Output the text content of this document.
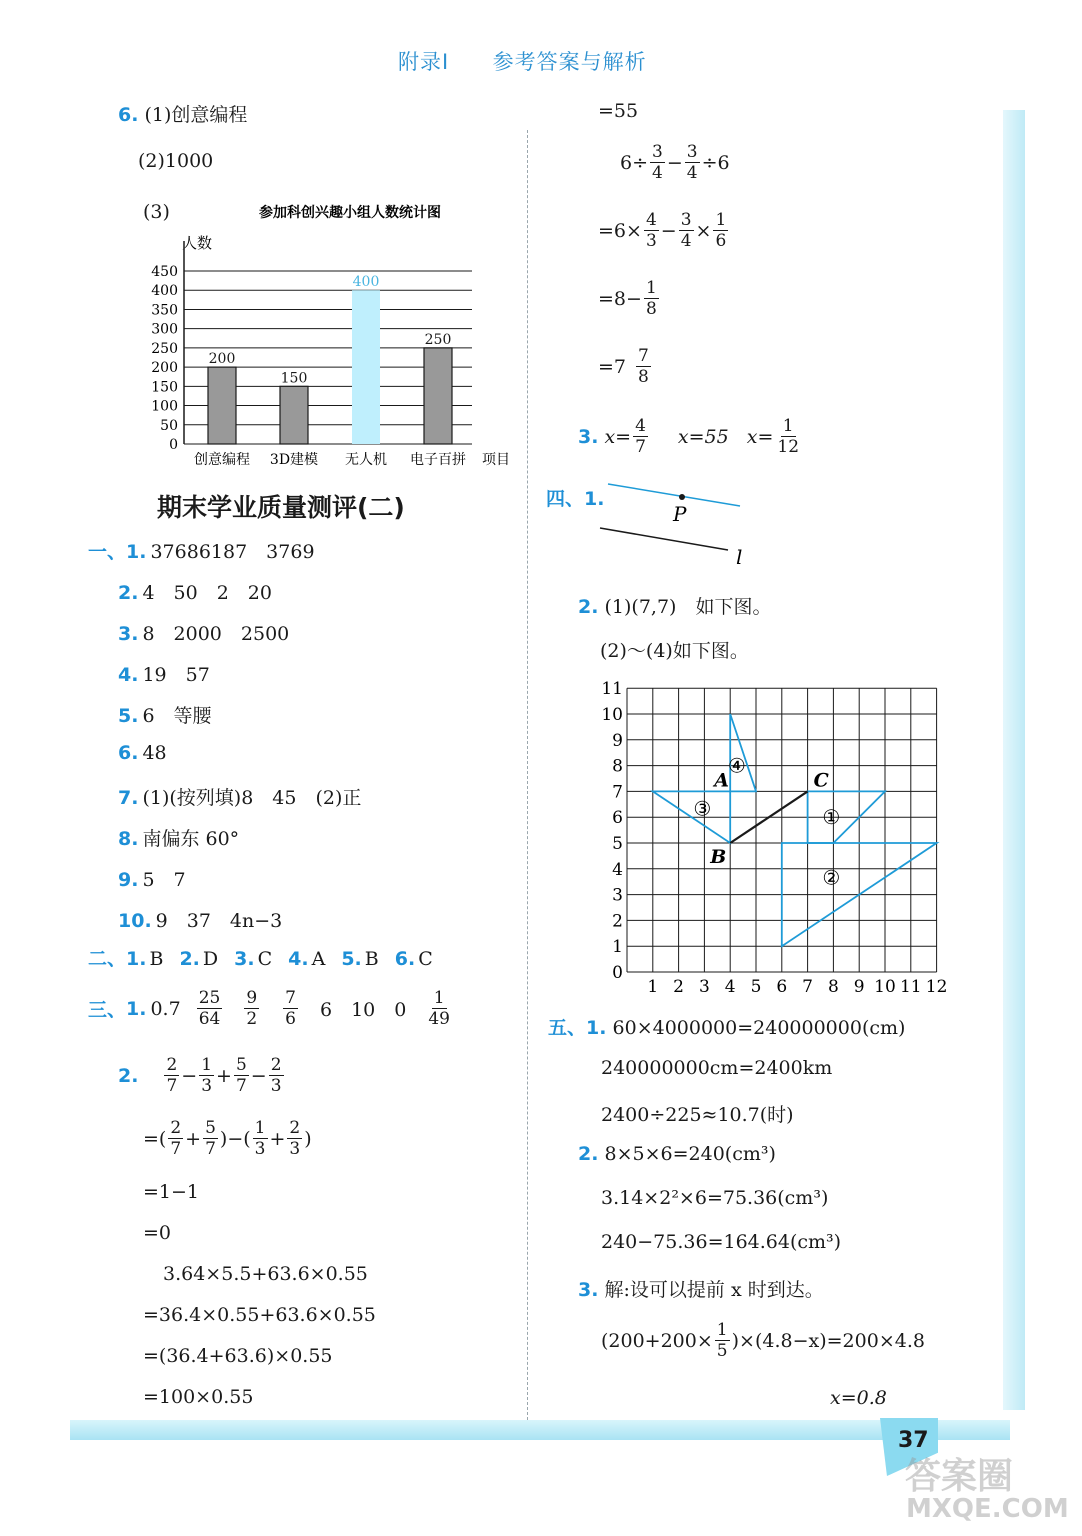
附录Ⅰ 参考答案与解析
6. (1)创意编程
(2)1000
(3)	参加科创兴趣小组人数统计图
人数
0
50
100
150
200
250
300
350
400
450
200
创意编程
150
3D建模
400
无人机
250
电子百拼 项目
期末学业质量测评(二)
一、1. 37686187　3769
2. 4　50　2　20
3. 8　2000　2500
4. 19　57
5. 6　等腰
6. 48
7. (1)(按列填)8　45　(2)正
8. 南偏东 60°
9. 5　7
10. 9　37　4n−3
二、1. B 2. D 3. C 4. A 5. B 6. C
三、 1. $0.7 \frac{25}{64} \frac{9}{2} \frac{7}{6} 6$　10　$0 \frac{1}{49}$
2. $\frac{2}{7} - \frac{1}{3} + \frac{5}{7} - \frac{2}{3}$
=( $\frac{2}{7} + \frac{5}{7}$ )−( $\frac{1}{3} + \frac{2}{3}$ )
=1−1
=0
3.64×5.5+63.6×0.55
=36.4×0.55+63.6×0.55
=(36.4+63.6)×0.55
=100×0.55
=55
$6\div \frac{3}{4} - \frac{3}{4} \div 6$
$=6\times \frac{4}{3} - \frac{3}{4} \times \frac{1}{6}$
$=8- \frac{1}{8}$
$=7 \frac{7}{8}$
3. $x= \frac{4}{7} x=55$ $x= \frac{1}{12}$
四、1.
P
l
2. (1)(7,7)　如下图。
(2)～(4)如下图。
①
②
③
④
1 2 3 4 5 6 7 8 9 10 11 12
0
1
2
3
4
5
6
7
8
9
10
11
A
B
C
五、1. 60×4000000=240000000(cm)
240000000cm=2400km
2400÷225≈10.7(时)
2. 8×5×6=240(cm³)
3.14×2²×6=75.36(cm³)
240−75.36=164.64(cm³)
3. 解:设可以提前 x 时到达。
$(200+200\times \frac{1}{5} )\times(4.8-x)=200\times 4.8$
x=0.8
37
答案圈
MXQE.COM
